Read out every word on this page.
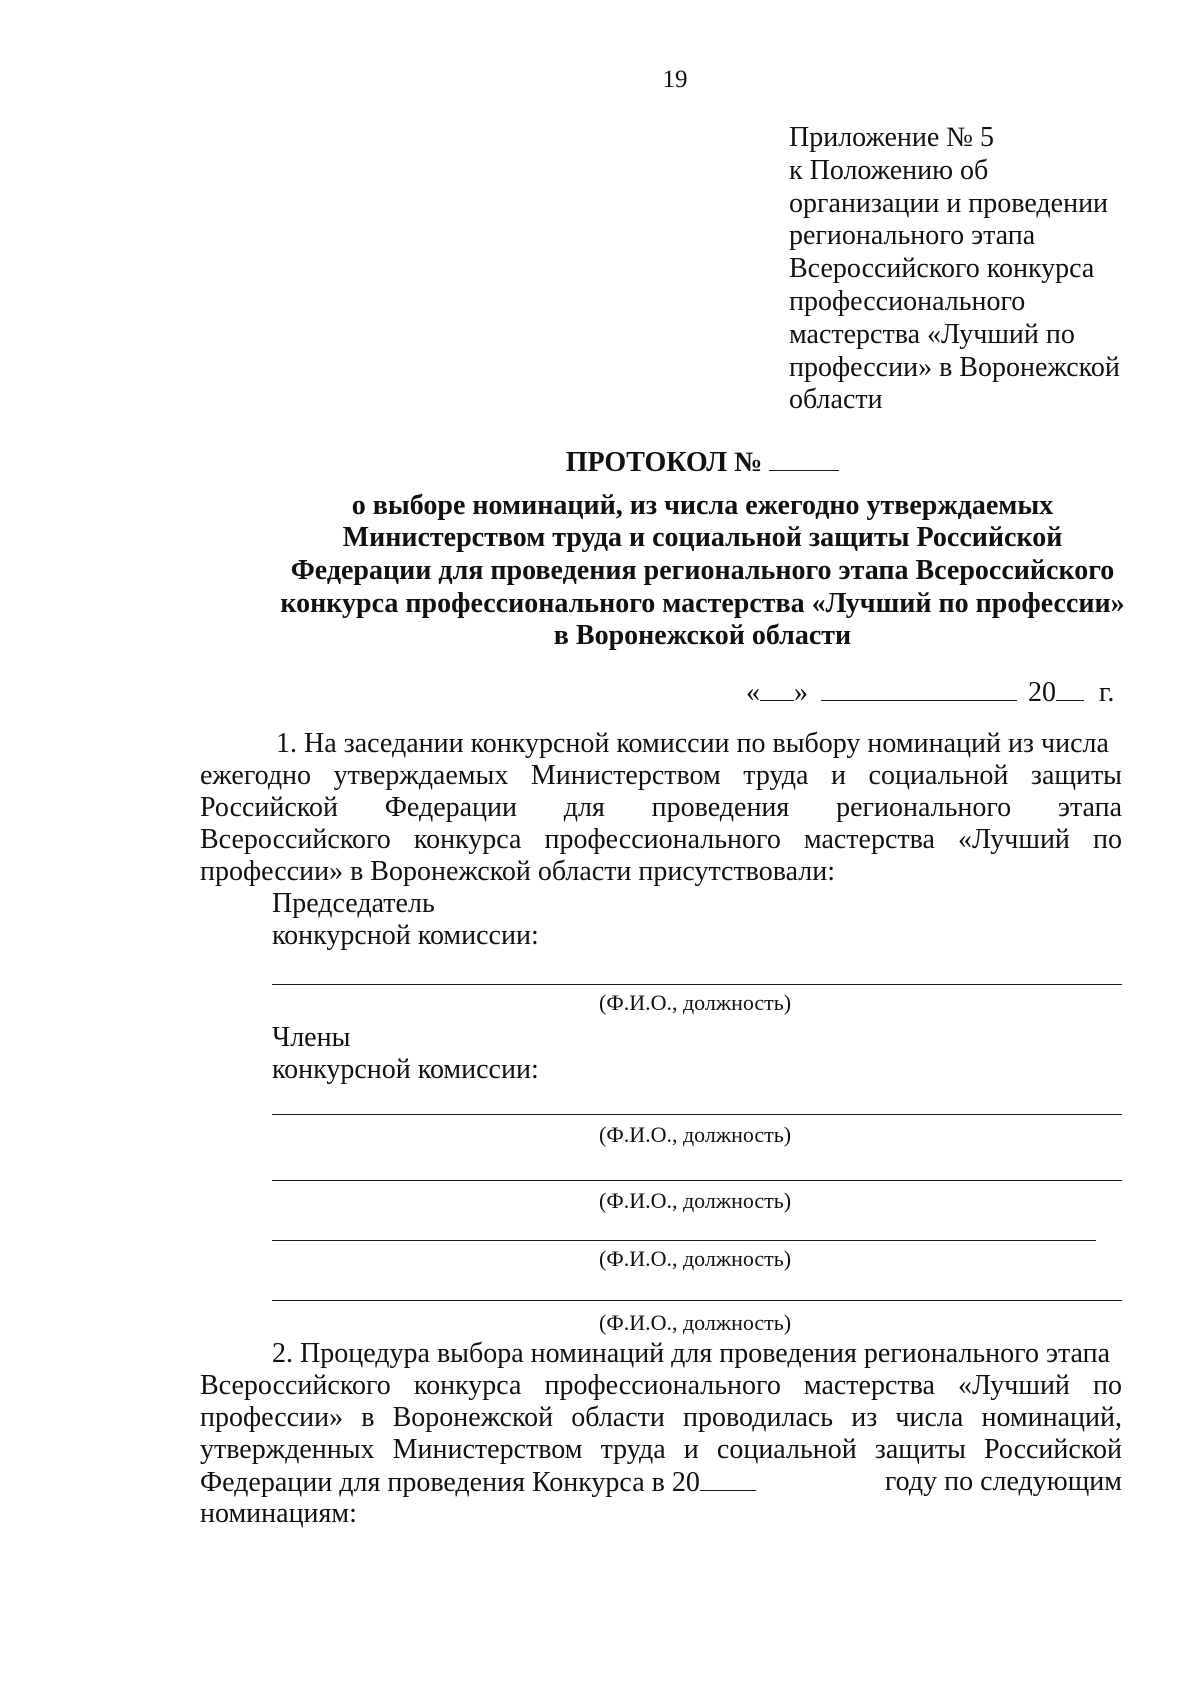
19
Приложение № 5
к Положению об
организации и проведении
регионального этапа
Всероссийского конкурса
профессионального
мастерства «Лучший по
профессии» в Воронежской
области
ПРОТОКОЛ №
о выборе номинаций, из числа ежегодно утверждаемых
Министерством труда и социальной защиты Российской
Федерации для проведения регионального этапа Всероссийского
конкурса профессионального мастерства «Лучший по профессии»
в Воронежской области
« »	20 г.
1. На заседании конкурсной комиссии по выбору номинаций из числа
ежегодно утверждаемых Министерством труда и социальной защиты
Российской Федерации для проведения регионального этапа
Всероссийского конкурса профессионального мастерства «Лучший по
профессии» в Воронежской области присутствовали:
Председатель
конкурсной комиссии:
(Ф.И.О., должность)
Члены
конкурсной комиссии:
(Ф.И.О., должность)
(Ф.И.О., должность)
(Ф.И.О., должность)
(Ф.И.О., должность)
2. Процедура выбора номинаций для проведения регионального этапа
Всероссийского конкурса профессионального мастерства «Лучший по
профессии» в Воронежской области проводилась из числа номинаций,
утвержденных Министерством труда и социальной защиты Российской
Федерации для проведения Конкурса в 20	году по следующим
номинациям:
